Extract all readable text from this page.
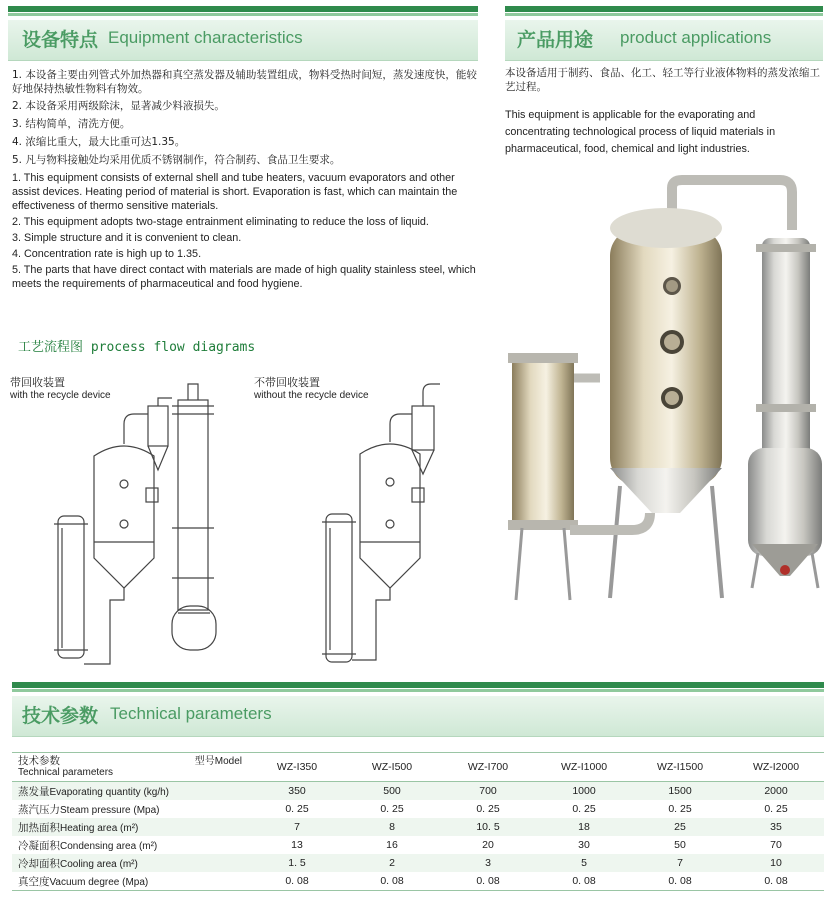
设备特点 Equipment characteristics
1. 本设备主要由列管式外加热器和真空蒸发器及辅助装置组成，物料受热时间短，蒸发速度快，能较好地保持热敏性物料有物效。
2. 本设备采用两级除沫，显著减少料液损失。
3. 结构简单，清洗方便。
4. 浓缩比重大，最大比重可达1.35。
5. 凡与物料接触处均采用优质不锈钢制作，符合制药、食品卫生要求。
1. This equipment consists of external shell and tube heaters, vacuum evaporators and other assist devices. Heating period of material is short. Evaporation is fast, which can maintain the effectiveness of thermo sensitive materials.
2. This equipment adopts two-stage entrainment eliminating to reduce the loss of liquid.
3. Simple structure and it is convenient to clean.
4. Concentration rate is high up to 1.35.
5. The parts that have direct contact with materials are made of high quality stainless steel, which meets the requirements of pharmaceutical and food hygiene.
产品用途 product applications
本设备适用于制药、食品、化工、轻工等行业液体物料的蒸发浓缩工艺过程。
This equipment is applicable for the evaporating and concentrating technological process of liquid materials in pharmaceutical, food, chemical and light industries.
工艺流程图 process flow diagrams
带回收装置
with the recycle device
不带回收装置
without the recycle device
技术参数 Technical parameters
技术参数 型号Model
Technical parameters	WZ-I350	WZ-I500	WZ-I700	WZ-I1000	WZ-I1500	WZ-I2000
蒸发量Evaporating quantity (kg/h)	350	500	700	1000	1500	2000
蒸汽压力Steam pressure (Mpa)	0. 25	0. 25	0. 25	0. 25	0. 25	0. 25
加热面积Heating area (m²)	7	8	10. 5	18	25	35
冷凝面积Condensing area (m²)	13	16	20	30	50	70
冷却面积Cooling area (m²)	1. 5	2	3	5	7	10
真空度Vacuum degree (Mpa)	0. 08	0. 08	0. 08	0. 08	0. 08	0. 08
